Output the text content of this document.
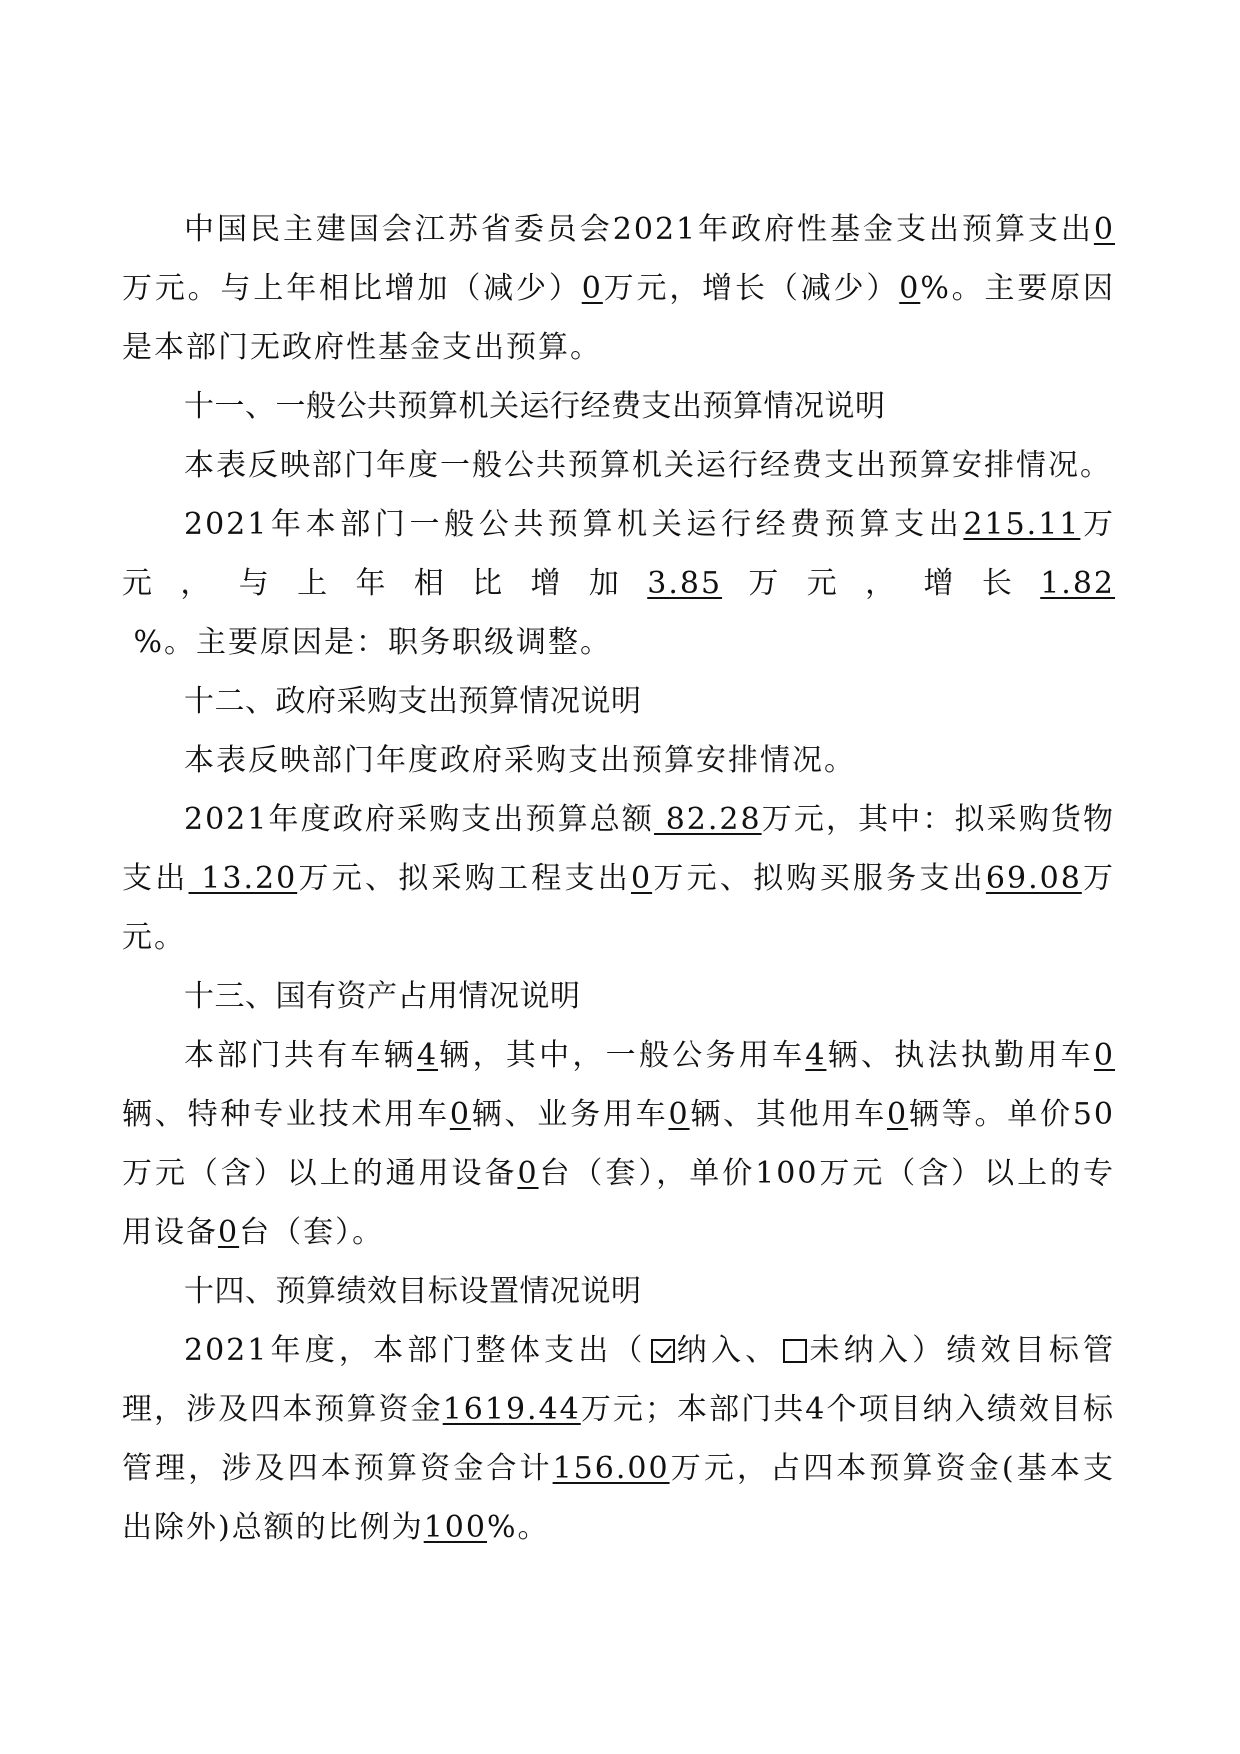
中国民主建国会江苏省委员会2021年政府性基金支出预算支出0万元。与上年相比增加（减少）0万元，增长（减少）0%。主要原因是本部门无政府性基金支出预算。

十一、一般公共预算机关运行经费支出预算情况说明

本表反映部门年度一般公共预算机关运行经费支出预算安排情况。

2021年本部门一般公共预算机关运行经费预算支出215.11万元，与上年相比增加3.85万元，增长1.82 %。主要原因是：职务职级调整。

十二、政府采购支出预算情况说明

本表反映部门年度政府采购支出预算安排情况。

2021年度政府采购支出预算总额 82.28万元，其中：拟采购货物支出 13.20万元、拟采购工程支出0万元、拟购买服务支出69.08万元。

十三、国有资产占用情况说明

本部门共有车辆4辆，其中，一般公务用车4辆、执法执勤用车0辆、特种专业技术用车0辆、业务用车0辆、其他用车0辆等。单价50万元（含）以上的通用设备0台（套），单价100万元（含）以上的专用设备0台（套）。

十四、预算绩效目标设置情况说明

2021年度，本部门整体支出（ 纳入、 未纳入）绩效目标管理，涉及四本预算资金1619.44万元；本部门共4个项目纳入绩效目标管理，涉及四本预算资金合计156.00万元，占四本预算资金(基本支出除外)总额的比例为100%。
